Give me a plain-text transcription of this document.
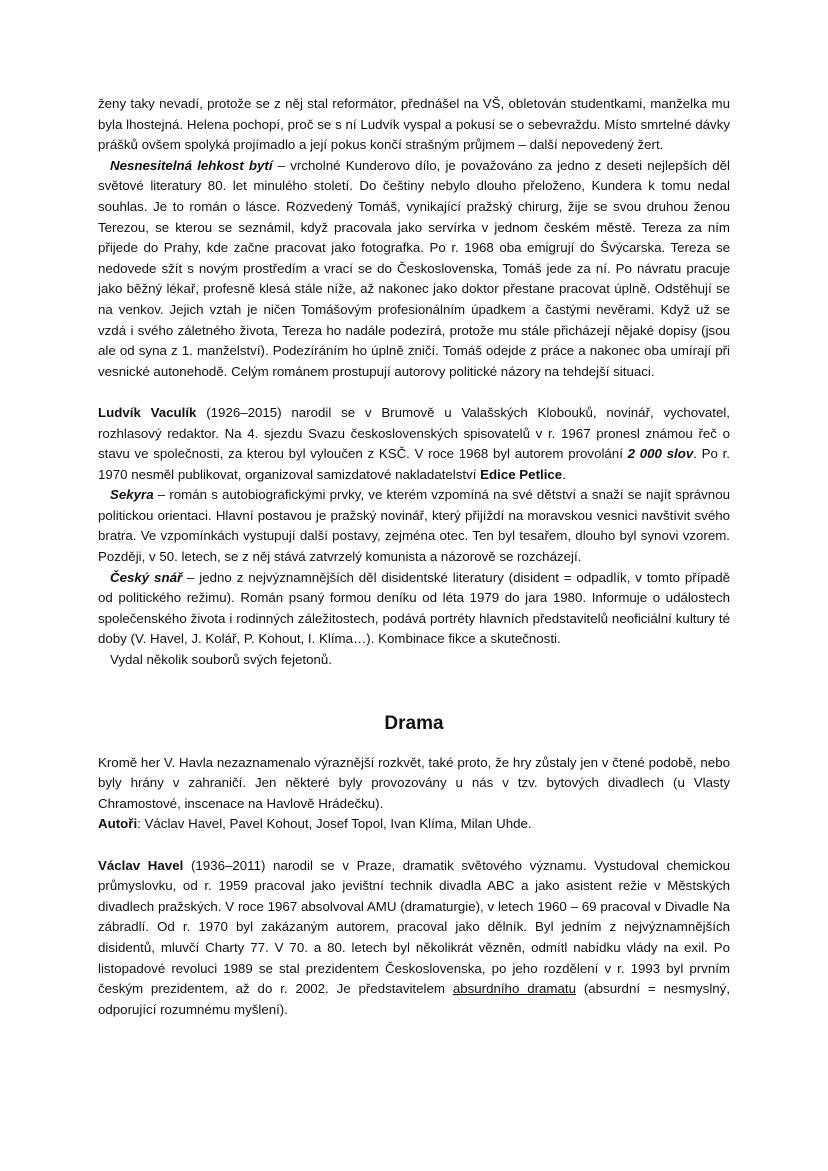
ženy taky nevadí, protože se z něj stal reformátor, přednášel na VŠ, obletován studentkami, manželka mu byla lhostejná. Helena pochopí, proč se s ní Ludvík vyspal a pokusí se o sebevraždu. Místo smrtelné dávky prášků ovšem spolyká projímadlo a její pokus končí strašným průjmem – další nepovedený žert.

Nesnesitelná lehkost bytí – vrcholné Kunderovo dílo, je považováno za jedno z deseti nejlepších děl světové literatury 80. let minulého století. Do češtiny nebylo dlouho přeloženo, Kundera k tomu nedal souhlas. Je to román o lásce. Rozvedený Tomáš, vynikající pražský chirurg, žije se svou druhou ženou Terezou, se kterou se seznámil, když pracovala jako servírka v jednom českém městě. Tereza za ním přijede do Prahy, kde začne pracovat jako fotografka. Po r. 1968 oba emigrují do Švýcarska. Tereza se nedovede sžít s novým prostředím a vrací se do Československa, Tomáš jede za ní. Po návratu pracuje jako běžný lékař, profesně klesá stále níže, až nakonec jako doktor přestane pracovat úplně. Odstěhují se na venkov. Jejich vztah je ničen Tomášovým profesionálním úpadkem a častými nevěrami. Když už se vzdá i svého záletného života, Tereza ho nadále podezírá, protože mu stále přicházejí nějaké dopisy (jsou ale od syna z 1. manželství). Podezíráním ho úplně zničí. Tomáš odejde z práce a nakonec oba umírají při vesnické autonehodě. Celým románem prostupují autorovy politické názory na tehdejší situaci.

Ludvík Vaculík (1926–2015) narodil se v Brumově u Valašských Klobouků, novinář, vychovatel, rozhlasový redaktor. Na 4. sjezdu Svazu československých spisovatelů v r. 1967 pronesl známou řeč o stavu ve společnosti, za kterou byl vyloučen z KSČ. V roce 1968 byl autorem provolání 2 000 slov. Po r. 1970 nesměl publikovat, organizoval samizdatové nakladatelství Edice Petlice.

Sekyra – román s autobiografickými prvky, ve kterém vzpomíná na své dětství a snaží se najít správnou politickou orientaci. Hlavní postavou je pražský novinář, který přijíždí na moravskou vesnici navštívit svého bratra. Ve vzpomínkách vystupují další postavy, zejména otec. Ten byl tesařem, dlouho byl synovi vzorem. Později, v 50. letech, se z něj stává zatvrzelý komunista a názorově se rozcházejí.

Český snář – jedno z nejvýznamnějších děl disidentské literatury (disident = odpadlík, v tomto případě od politického režimu). Román psaný formou deníku od léta 1979 do jara 1980. Informuje o událostech společenského života i rodinných záležitostech, podává portréty hlavních představitelů neoficiální kultury té doby (V. Havel, J. Kolář, P. Kohout, I. Klíma…). Kombinace fikce a skutečnosti.

Vydal několik souborů svých fejetonů.

Drama

Kromě her V. Havla nezaznamenalo výraznější rozkvět, také proto, že hry zůstaly jen v čtené podobě, nebo byly hrány v zahraničí. Jen některé byly provozovány u nás v tzv. bytových divadlech (u Vlasty Chramostové, inscenace na Havlově Hrádečku).

Autoři: Václav Havel, Pavel Kohout, Josef Topol, Ivan Klíma, Milan Uhde.

Václav Havel (1936–2011) narodil se v Praze, dramatik světového významu. Vystudoval chemickou průmyslovku, od r. 1959 pracoval jako jevištní technik divadla ABC a jako asistent režie v Městských divadlech pražských. V roce 1967 absolvoval AMU (dramaturgie), v letech 1960 – 69 pracoval v Divadle Na zábradlí. Od r. 1970 byl zakázaným autorem, pracoval jako dělník. Byl jedním z nejvýznamnějších disidentů, mluvčí Charty 77. V 70. a 80. letech byl několikrát vězněn, odmítl nabídku vlády na exil. Po listopadové revoluci 1989 se stal prezidentem Československa, po jeho rozdělení v r. 1993 byl prvním českým prezidentem, až do r. 2002. Je představitelem absurdního dramatu (absurdní = nesmyslný, odporující rozumnému myšlení).
